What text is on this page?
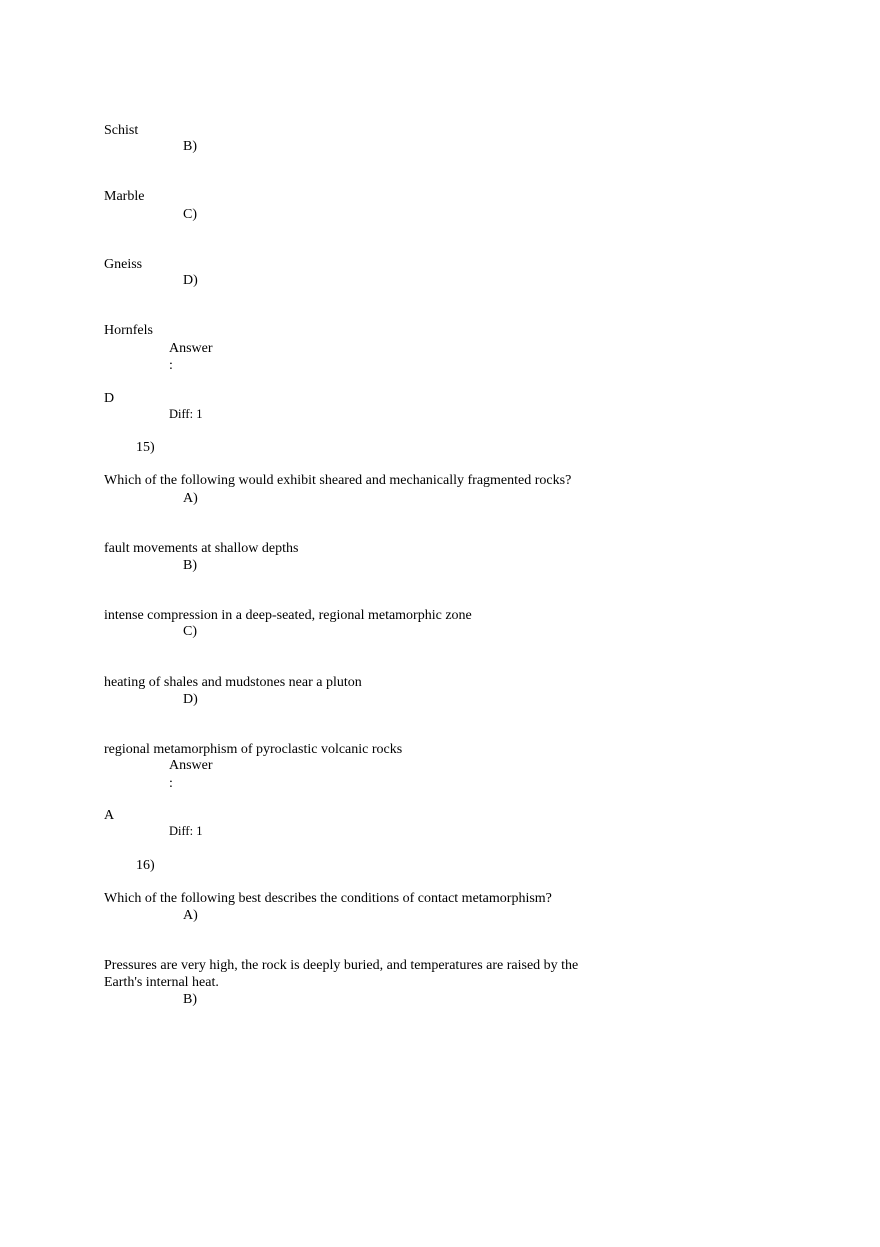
Schist
B)
Marble
C)
Gneiss
D)
Hornfels
Answer
:
D
Diff: 1
15)
Which of the following would exhibit sheared and mechanically fragmented rocks?
A)
fault movements at shallow depths
B)
intense compression in a deep-seated, regional metamorphic zone
C)
heating of shales and mudstones near a pluton
D)
regional metamorphism of pyroclastic volcanic rocks
Answer
:
A
Diff: 1
16)
Which of the following best describes the conditions of contact metamorphism?
A)
Pressures are very high, the rock is deeply buried, and temperatures are raised by the Earth's internal heat.
B)
